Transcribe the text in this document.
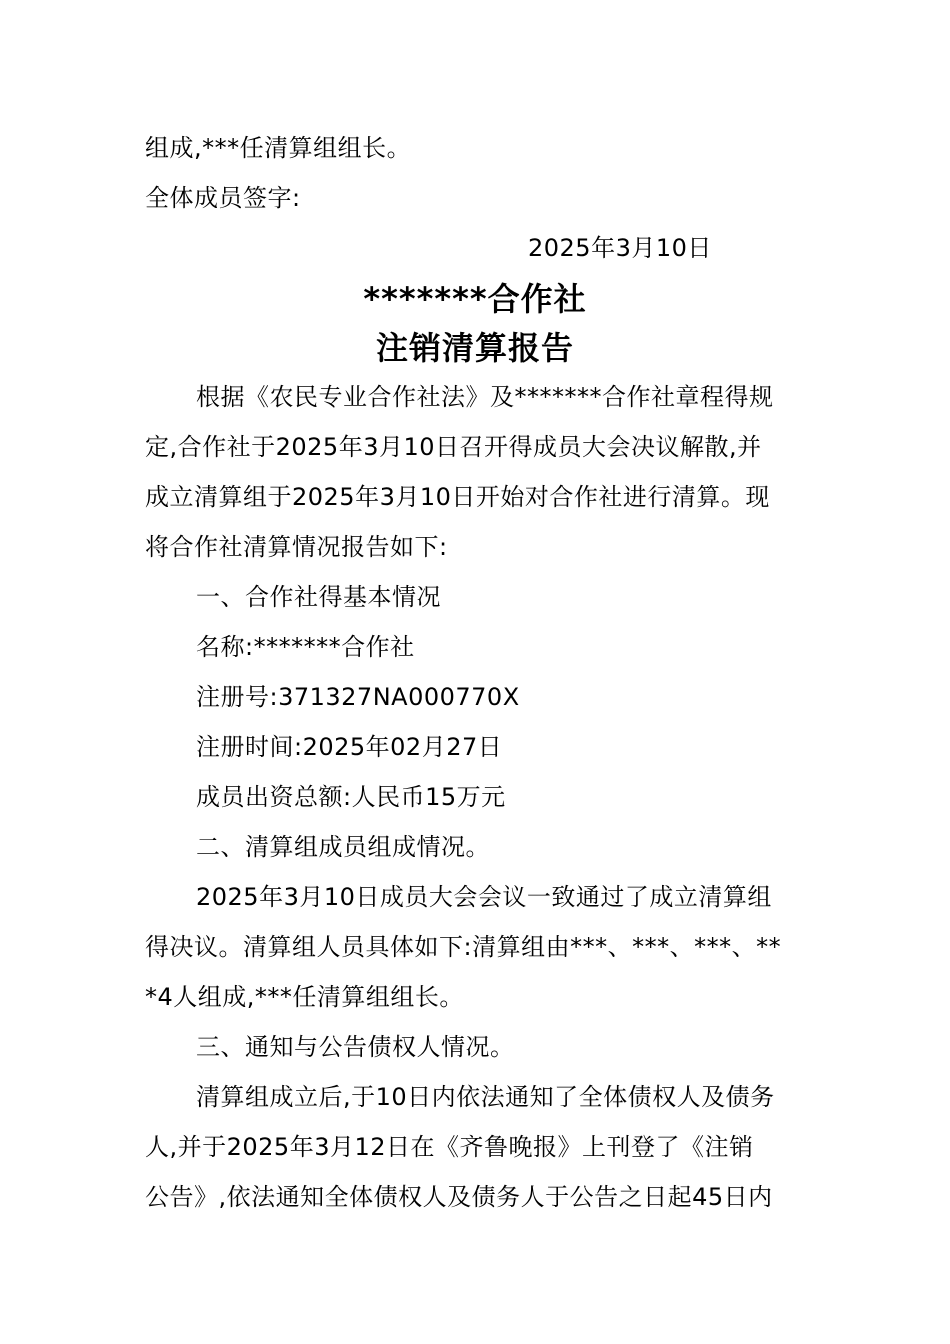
组成,***任清算组组长。
全体成员签字:
2025年3月10日
*******合作社
注销清算报告
根据《农民专业合作社法》及*******合作社章程得规
定,合作社于2025年3月10日召开得成员大会决议解散,并
成立清算组于2025年3月10日开始对合作社进行清算。现
将合作社清算情况报告如下:
一、合作社得基本情况
名称:*******合作社
注册号:371327NA000770X
注册时间:2025年02月27日
成员出资总额:人民币15万元
二、清算组成员组成情况。
2025年3月10日成员大会会议一致通过了成立清算组
得决议。清算组人员具体如下:清算组由***、***、***、**
*4人组成,***任清算组组长。
三、通知与公告债权人情况。
清算组成立后,于10日内依法通知了全体债权人及债务
人,并于2025年3月12日在《齐鲁晚报》上刊登了《注销
公告》,依法通知全体债权人及债务人于公告之日起45日内
